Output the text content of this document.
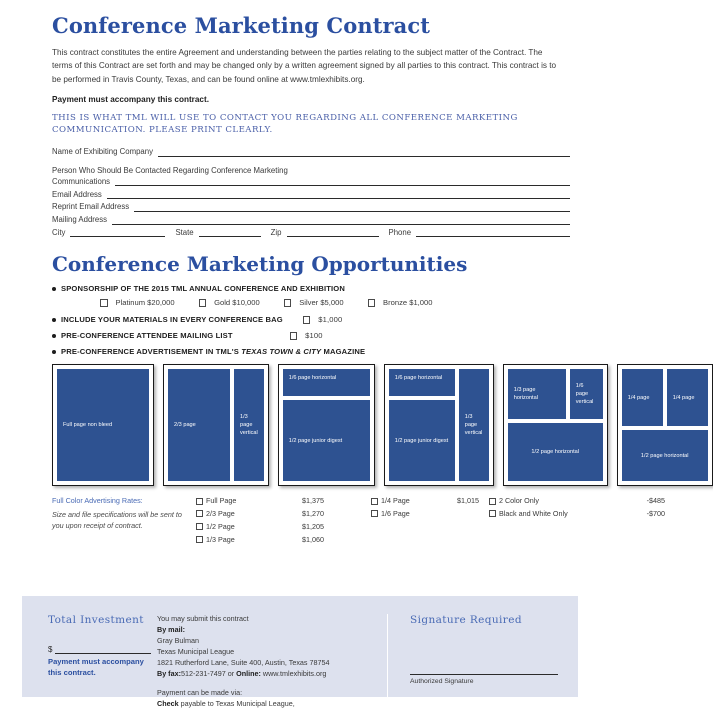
Conference Marketing Contract

This contract constitutes the entire Agreement and understanding between the parties relating to the subject matter of the Contract. The terms of this Contract are set forth and may be changed only by a written agreement signed by all parties to this contract. This contract is to be performed in Travis County, Texas, and can be found online at www.tmlexhibits.org.

Payment must accompany this contract.

THIS IS WHAT TML WILL USE TO CONTACT YOU REGARDING ALL CONFERENCE MARKETING COMMUNICATION. PLEASE PRINT CLEARLY.

Name of Exhibiting Company
Person Who Should Be Contacted Regarding Conference Marketing
Communications
Email Address
Reprint Email Address
Mailing Address
City	State	Zip	Phone
Conference Marketing Opportunities
SPONSORSHIP OF THE 2015 TML ANNUAL CONFERENCE AND EXHIBITION
Platinum $20,000	Gold $10,000	Silver $5,000	Bronze $1,000
INCLUDE YOUR MATERIALS IN EVERY CONFERENCE BAG	$1,000
PRE-CONFERENCE ATTENDEE MAILING LIST	$100
PRE-CONFERENCE ADVERTISEMENT IN TML'S TEXAS TOWN & CITY MAGAZINE
Full page non bleed	2/3 page
1/3 page vertical
1/6 page horizontal
1/2 page junior digest
1/6 page horizontal
1/2 page junior digest
1/3 page vertical
1/3 page horizontal
1/6 page vertical
1/2 page horizontal
1/4 page	1/4 page
1/2 page horizontal
Full Color Advertising Rates:
Size and file specifications will be sent to you upon receipt of contract.
Full Page	$1,375
2/3 Page	$1,270
1/2 Page	$1,205
1/3 Page	$1,060
1/4 Page	$1,015
1/6 Page
2 Color Only	-$485
Black and White Only	-$700
Total Investment
$
Payment must accompany this contract.
You may submit this contract
By mail:
Gray Bulman
Texas Municipal League
1821 Rutherford Lane, Suite 400, Austin, Texas 78754
By fax:512-231-7497 or Online: www.tmlexhibits.org
Payment can be made via:
Check payable to Texas Municipal League,
Signature Required
Authorized Signature
